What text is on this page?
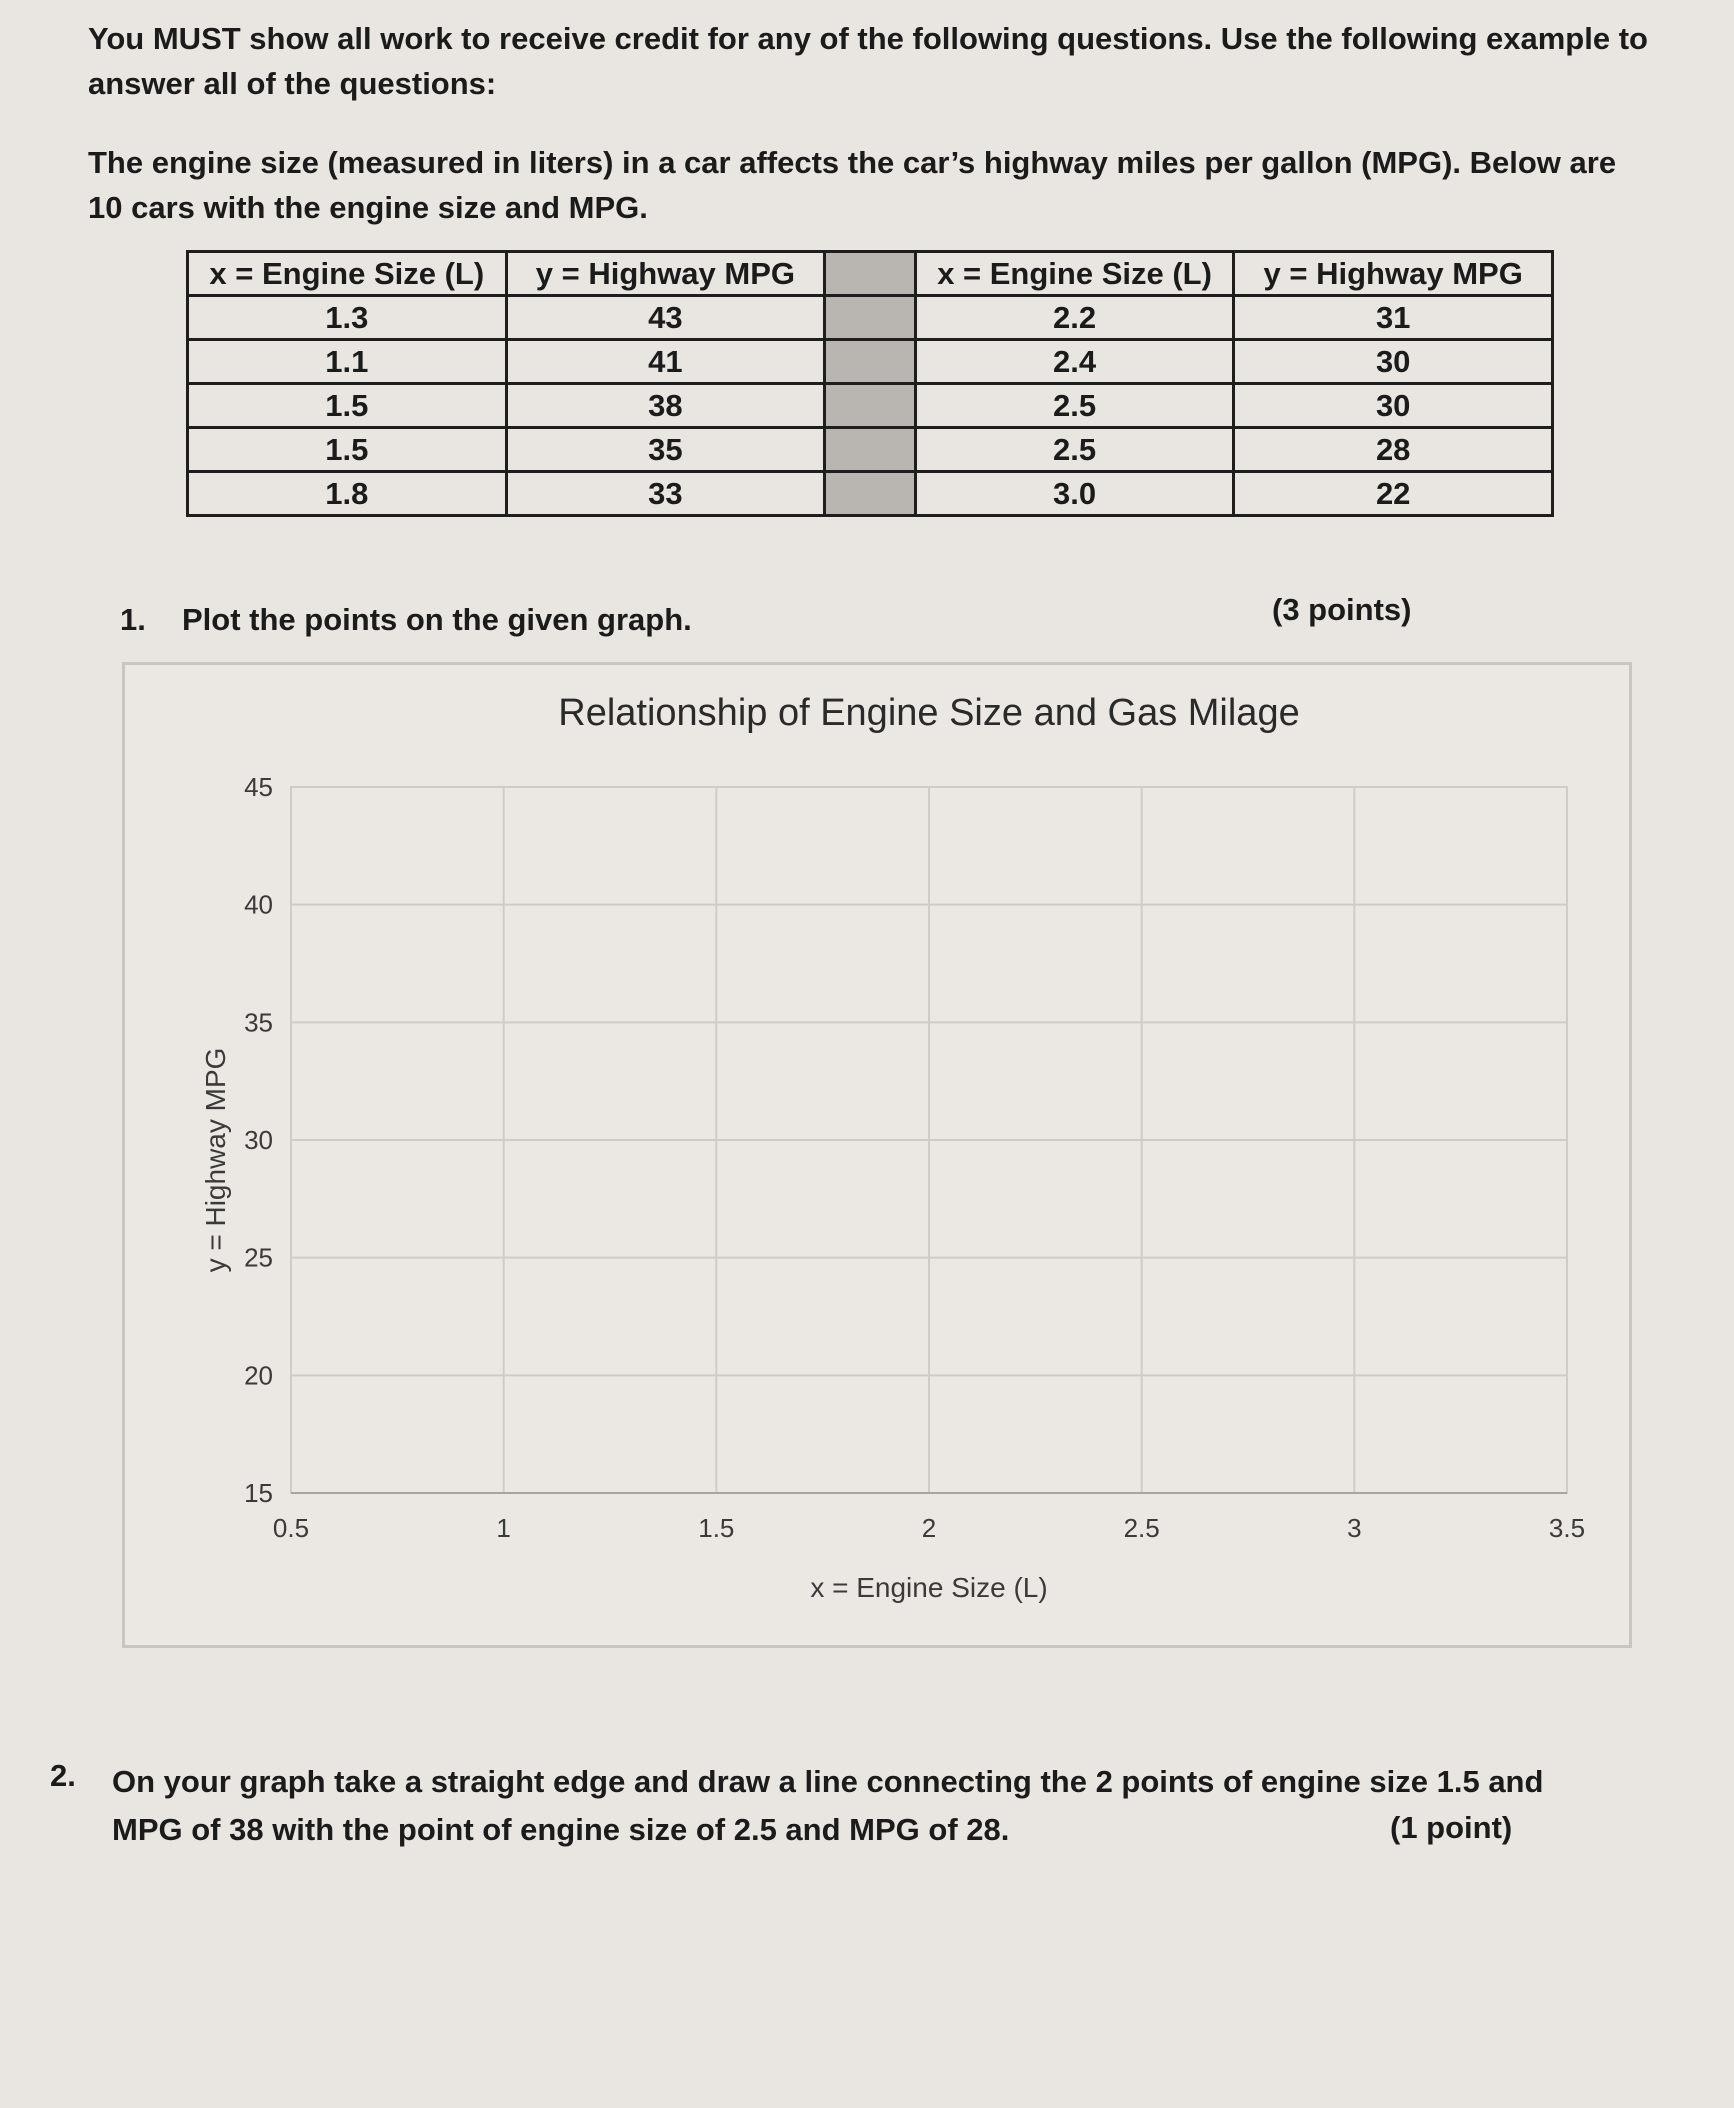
You MUST show all work to receive credit for any of the following questions. Use the following example to answer all of the questions:

The engine size (measured in liters) in a car affects the car’s highway miles per gallon (MPG). Below are 10 cars with the engine size and MPG.

x = Engine Size (L)	y = Highway MPG		x = Engine Size (L)	y = Highway MPG
1.3	43		2.2	31
1.1	41		2.4	30
1.5	38		2.5	30
1.5	35		2.5	28
1.8	33		3.0	22
1. Plot the points on the given graph.	(3 points)
15
20
25
30
35
40
45
0.5	1	1.5	2	2.5	3	3.5
Relationship of Engine Size and Gas Milage
x = Engine Size (L)
y = Highway MPG
2. On your graph take a straight edge and draw a line connecting the 2 points of engine size 1.5 and MPG of 38 with the point of engine size of 2.5 and MPG of 28.	(1 point)
